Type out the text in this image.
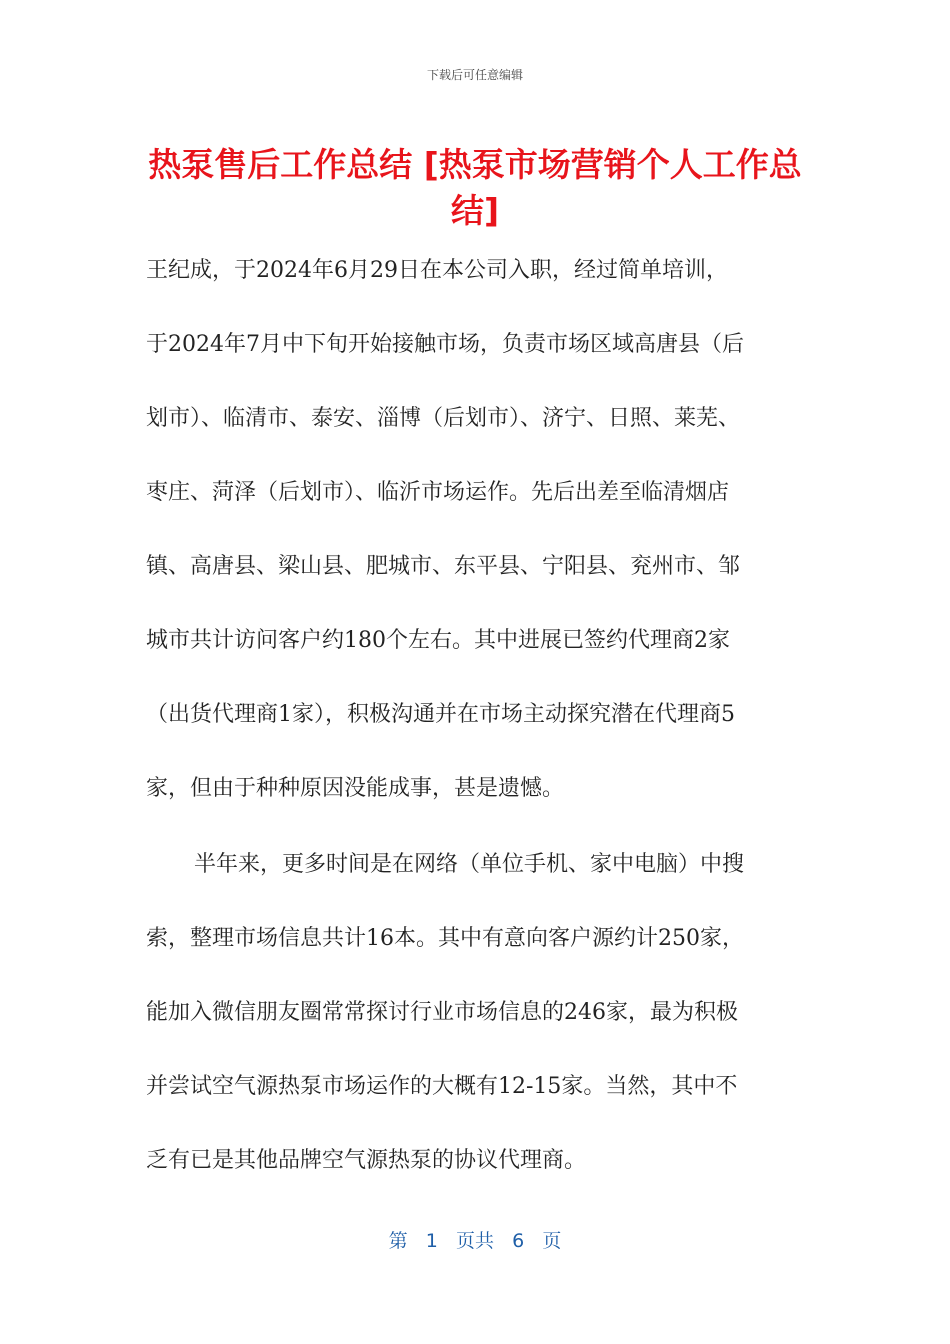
下载后可任意编辑
热泵售后工作总结 [热泵市场营销个人工作总结]
王纪成，于2024年6月29日在本公司入职，经过简单培训，
于2024年7月中下旬开始接触市场，负责市场区域高唐县（后
划市）、临清市、泰安、淄博（后划市）、济宁、日照、莱芜、
枣庄、菏泽（后划市）、临沂市场运作。先后出差至临清烟店
镇、高唐县、梁山县、肥城市、东平县、宁阳县、兖州市、邹
城市共计访问客户约180个左右。其中进展已签约代理商2家
（出货代理商1家），积极沟通并在市场主动探究潜在代理商5
家，但由于种种原因没能成事，甚是遗憾。
半年来，更多时间是在网络（单位手机、家中电脑）中搜
索，整理市场信息共计16本。其中有意向客户源约计250家，
能加入微信朋友圈常常探讨行业市场信息的246家，最为积极
并尝试空气源热泵市场运作的大概有12-15家。当然，其中不
乏有已是其他品牌空气源热泵的协议代理商。
第 1 页共 6 页
